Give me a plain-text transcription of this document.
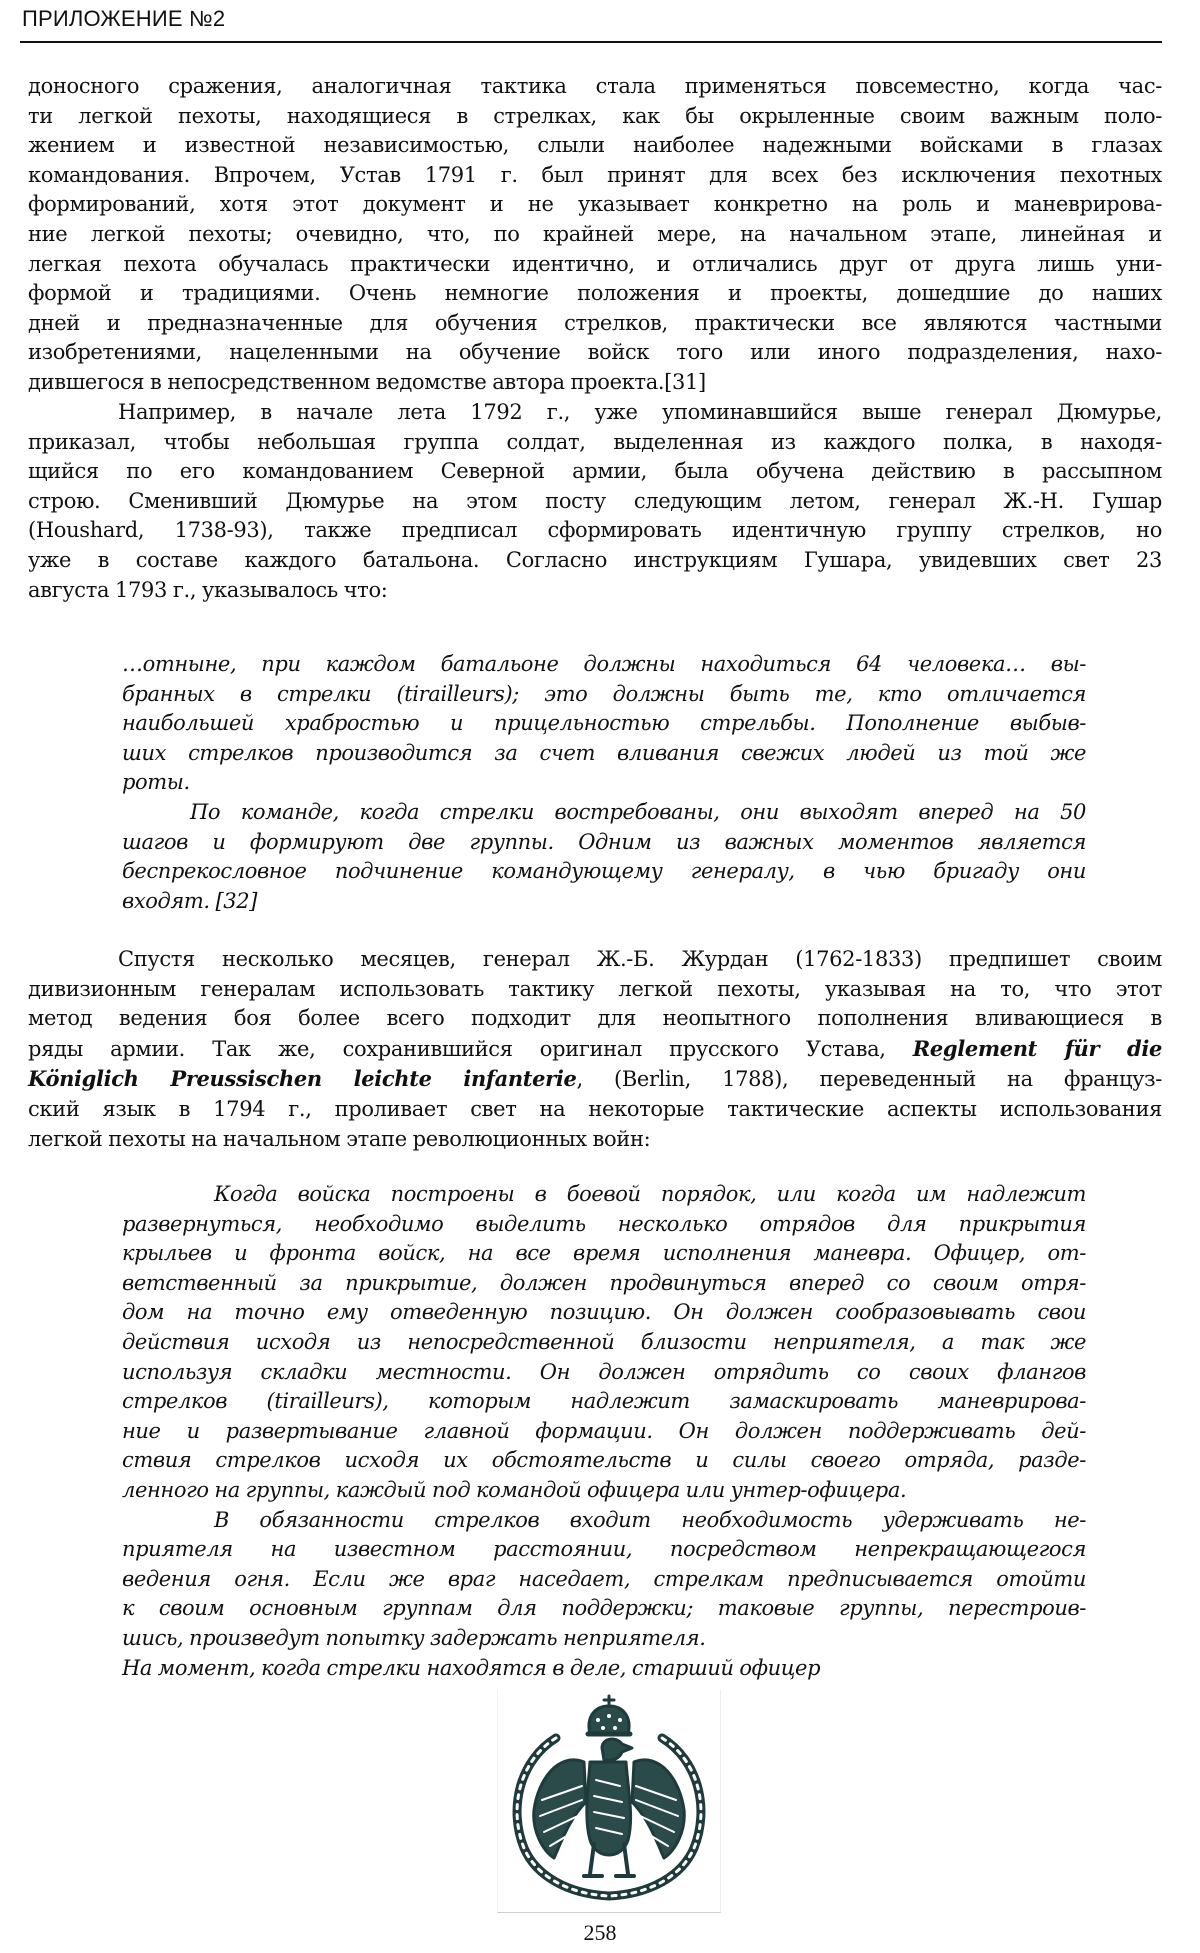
ПРИЛОЖЕНИЕ №2
доносного сражения, аналогичная тактика стала применяться повсеместно, когда час-
ти легкой пехоты, находящиеся в стрелках, как бы окрыленные своим важным поло-
жением и известной независимостью, слыли наиболее надежными войсками в глазах
командования. Впрочем, Устав 1791 г. был принят для всех без исключения пехотных
формирований, хотя этот документ и не указывает конкретно на роль и маневрирова-
ние легкой пехоты; очевидно, что, по крайней мере, на начальном этапе, линейная и
легкая пехота обучалась практически идентично, и отличались друг от друга лишь уни-
формой и традициями. Очень немногие положения и проекты, дошедшие до наших
дней и предназначенные для обучения стрелков, практически все являются частными
изобретениями, нацеленными на обучение войск того или иного подразделения, нахо-
дившегося в непосредственном ведомстве автора проекта.[31]
Например, в начале лета 1792 г., уже упоминавшийся выше генерал Дюмурье,
приказал, чтобы небольшая группа солдат, выделенная из каждого полка, в находя-
щийся по его командованием Северной армии, была обучена действию в рассыпном
строю. Сменивший Дюмурье на этом посту следующим летом, генерал Ж.-Н. Гушар
(Houshard, 1738-93), также предписал сформировать идентичную группу стрелков, но
уже в составе каждого батальона. Согласно инструкциям Гушара, увидевших свет 23
августа 1793 г., указывалось что:
…отныне, при каждом батальоне должны находиться 64 человека… вы-
бранных в стрелки (tirailleurs); это должны быть те, кто отличается
наибольшей храбростью и прицельностью стрельбы. Пополнение выбыв-
ших стрелков производится за счет вливания свежих людей из той же
роты.
По команде, когда стрелки востребованы, они выходят вперед на 50
шагов и формируют две группы. Одним из важных моментов является
беспрекословное подчинение командующему генералу, в чью бригаду они
входят. [32]
Спустя несколько месяцев, генерал Ж.-Б. Журдан (1762-1833) предпишет своим
дивизионным генералам использовать тактику легкой пехоты, указывая на то, что этот
метод ведения боя более всего подходит для неопытного пополнения вливающиеся в
ряды армии. Так же, сохранившийся оригинал прусского Устава, Reglement für die
Königlich Preussischen leichte infanterie, (Berlin, 1788), переведенный на француз-
ский язык в 1794 г., проливает свет на некоторые тактические аспекты использования
легкой пехоты на начальном этапе революционных войн:
Когда войска построены в боевой порядок, или когда им надлежит
развернуться, необходимо выделить несколько отрядов для прикрытия
крыльев и фронта войск, на все время исполнения маневра. Офицер, от-
ветственный за прикрытие, должен продвинуться вперед со своим отря-
дом на точно ему отведенную позицию. Он должен сообразовывать свои
действия исходя из непосредственной близости неприятеля, а так же
используя складки местности. Он должен отрядить со своих флангов
стрелков (tirailleurs), которым надлежит замаскировать маневрирова-
ние и развертывание главной формации. Он должен поддерживать дей-
ствия стрелков исходя их обстоятельств и силы своего отряда, разде-
ленного на группы, каждый под командой офицера или унтер-офицера.
В обязанности стрелков входит необходимость удерживать не-
приятеля на известном расстоянии, посредством непрекращающегося
ведения огня. Если же враг наседает, стрелкам предписывается отойти
к своим основным группам для поддержки; таковые группы, перестроив-
шись, произведут попытку задержать неприятеля.
На момент, когда стрелки находятся в деле, старший офицер
258
